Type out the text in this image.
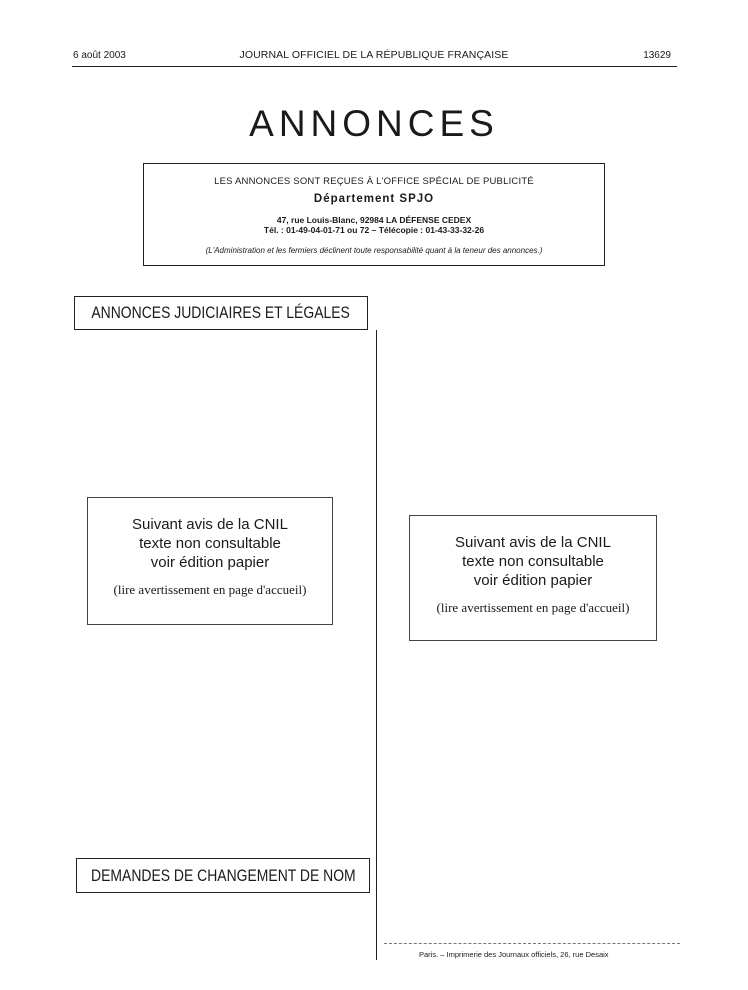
6 août 2003	JOURNAL OFFICIEL DE LA RÉPUBLIQUE FRANÇAISE	13629
ANNONCES
LES ANNONCES SONT REÇUES À L'OFFICE SPÉCIAL DE PUBLICITÉ
Département SPJO
47, rue Louis-Blanc, 92984 LA DÉFENSE CEDEX
Tél. : 01-49-04-01-71 ou 72 – Télécopie : 01-43-33-32-26
(L'Administration et les fermiers déclinent toute responsabilité quant à la teneur des annonces.)
ANNONCES JUDICIAIRES ET LÉGALES
Suivant avis de la CNIL
texte non consultable
voir édition papier
(lire avertissement en page d'accueil)
Suivant avis de la CNIL
texte non consultable
voir édition papier
(lire avertissement en page d'accueil)
DEMANDES DE CHANGEMENT DE NOM
Paris. – Imprimerie des Journaux officiels, 26, rue Desaix
